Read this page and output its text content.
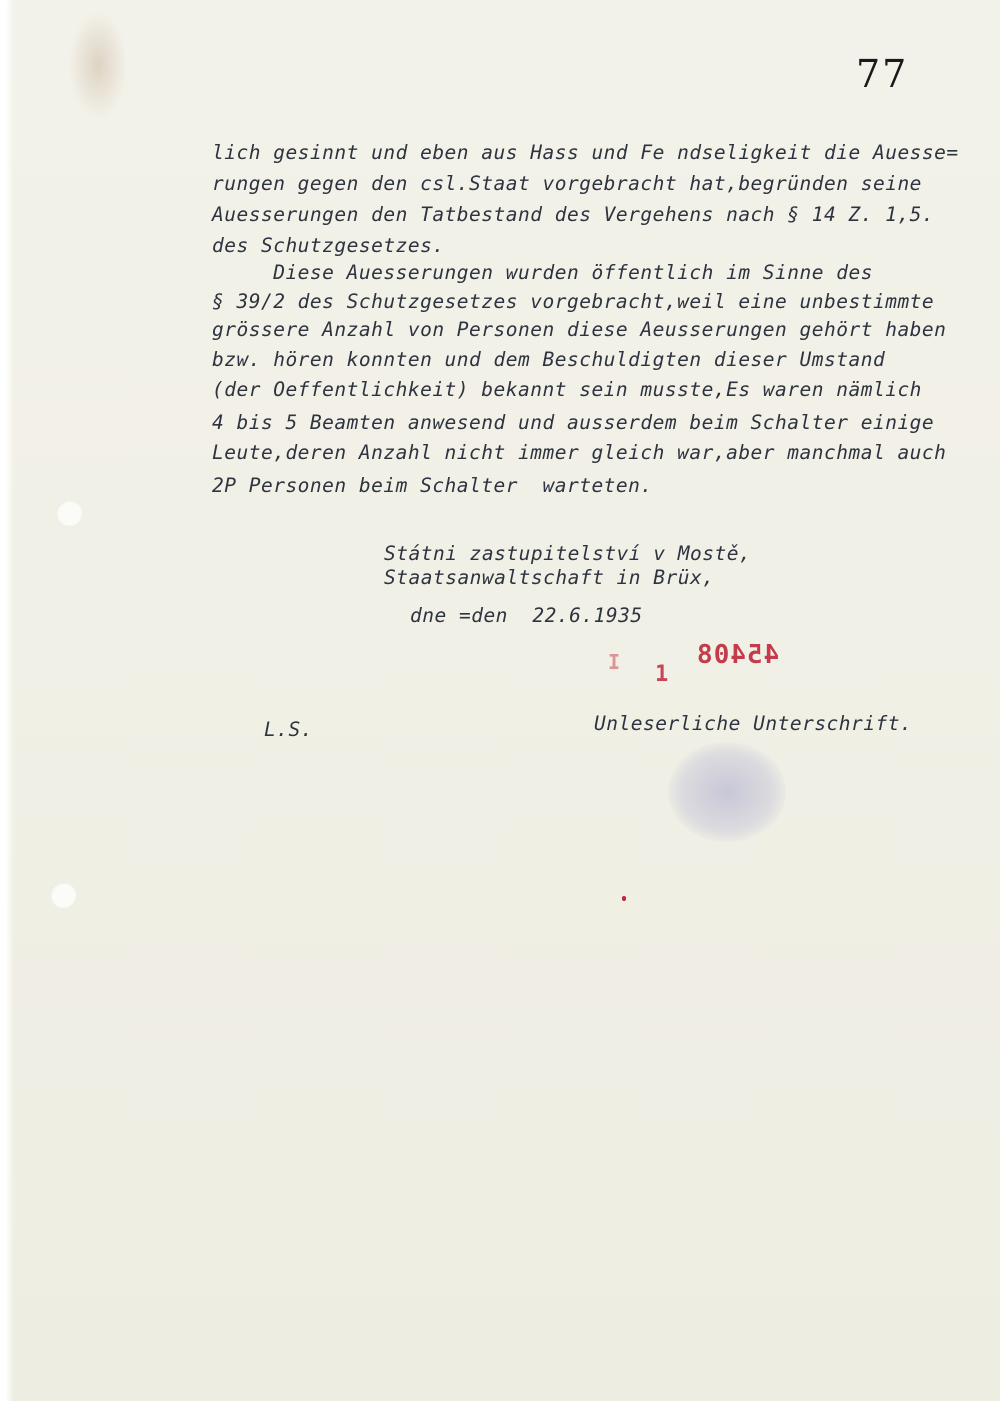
77
lich gesinnt und eben aus Hass und Fe ndseligkeit die Auesse=
rungen gegen den csl.Staat vorgebracht hat,begründen seine
Auesserungen den Tatbestand des Vergehens nach § 14 Z. 1,5.
des Schutzgesetzes.
Diese Auesserungen wurden öffentlich im Sinne des
§ 39/2 des Schutzgesetzes vorgebracht,weil eine unbestimmte
grössere Anzahl von Personen diese Aeusserungen gehört haben
bzw. hören konnten und dem Beschuldigten dieser Umstand
(der Oeffentlichkeit) bekannt sein musste,Es waren nämlich
4 bis 5 Beamten anwesend und ausserdem beim Schalter einige
Leute,deren Anzahl nicht immer gleich war,aber manchmal auch
2P Personen beim Schalter  warteten.
Státni zastupitelství v Mostě,
Staatsanwaltschaft in Brüx,
dne =den  22.6.1935
I 1
45408
L.S.	Unleserliche Unterschrift.
